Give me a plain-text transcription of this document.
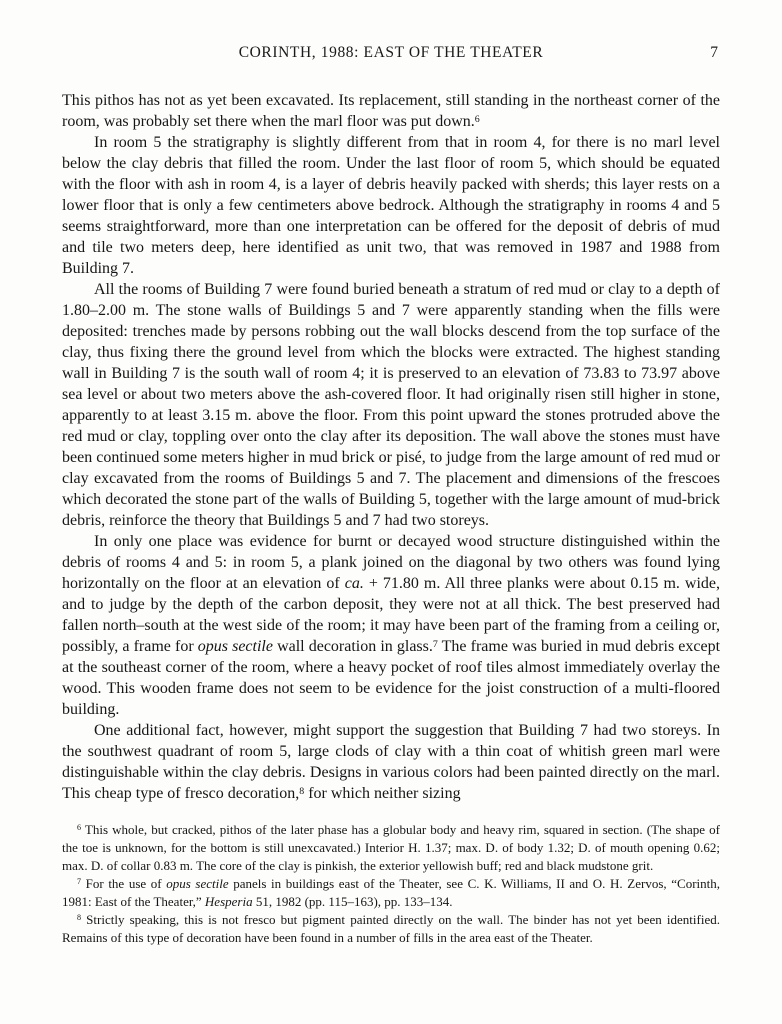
CORINTH, 1988: EAST OF THE THEATER	7

This pithos has not as yet been excavated. Its replacement, still standing in the northeast corner of the room, was probably set there when the marl floor was put down.$^6$

In room 5 the stratigraphy is slightly different from that in room 4, for there is no marl level below the clay debris that filled the room. Under the last floor of room 5, which should be equated with the floor with ash in room 4, is a layer of debris heavily packed with sherds; this layer rests on a lower floor that is only a few centimeters above bedrock. Although the stratigraphy in rooms 4 and 5 seems straightforward, more than one interpretation can be offered for the deposit of debris of mud and tile two meters deep, here identified as unit two, that was removed in 1987 and 1988 from Building 7.

All the rooms of Building 7 were found buried beneath a stratum of red mud or clay to a depth of 1.80–2.00 m. The stone walls of Buildings 5 and 7 were apparently standing when the fills were deposited: trenches made by persons robbing out the wall blocks descend from the top surface of the clay, thus fixing there the ground level from which the blocks were extracted. The highest standing wall in Building 7 is the south wall of room 4; it is preserved to an elevation of 73.83 to 73.97 above sea level or about two meters above the ash-covered floor. It had originally risen still higher in stone, apparently to at least 3.15 m. above the floor. From this point upward the stones protruded above the red mud or clay, toppling over onto the clay after its deposition. The wall above the stones must have been continued some meters higher in mud brick or pisé, to judge from the large amount of red mud or clay excavated from the rooms of Buildings 5 and 7. The placement and dimensions of the frescoes which decorated the stone part of the walls of Building 5, together with the large amount of mud-brick debris, reinforce the theory that Buildings 5 and 7 had two storeys.

In only one place was evidence for burnt or decayed wood structure distinguished within the debris of rooms 4 and 5: in room 5, a plank joined on the diagonal by two others was found lying horizontally on the floor at an elevation of ca. + 71.80 m. All three planks were about 0.15 m. wide, and to judge by the depth of the carbon deposit, they were not at all thick. The best preserved had fallen north–south at the west side of the room; it may have been part of the framing from a ceiling or, possibly, a frame for opus sectile wall decoration in glass.$^7$ The frame was buried in mud debris except at the southeast corner of the room, where a heavy pocket of roof tiles almost immediately overlay the wood. This wooden frame does not seem to be evidence for the joist construction of a multi-floored building.

One additional fact, however, might support the suggestion that Building 7 had two storeys. In the southwest quadrant of room 5, large clods of clay with a thin coat of whitish green marl were distinguishable within the clay debris. Designs in various colors had been painted directly on the marl. This cheap type of fresco decoration,$^8$ for which neither sizing

$^6$ This whole, but cracked, pithos of the later phase has a globular body and heavy rim, squared in section. (The shape of the toe is unknown, for the bottom is still unexcavated.) Interior H. 1.37; max. D. of body 1.32; D. of mouth opening 0.62; max. D. of collar 0.83 m. The core of the clay is pinkish, the exterior yellowish buff; red and black mudstone grit.

$^7$ For the use of opus sectile panels in buildings east of the Theater, see C. K. Williams, II and O. H. Zervos, “Corinth, 1981: East of the Theater,” Hesperia 51, 1982 (pp. 115–163), pp. 133–134.

$^8$ Strictly speaking, this is not fresco but pigment painted directly on the wall. The binder has not yet been identified. Remains of this type of decoration have been found in a number of fills in the area east of the Theater.
